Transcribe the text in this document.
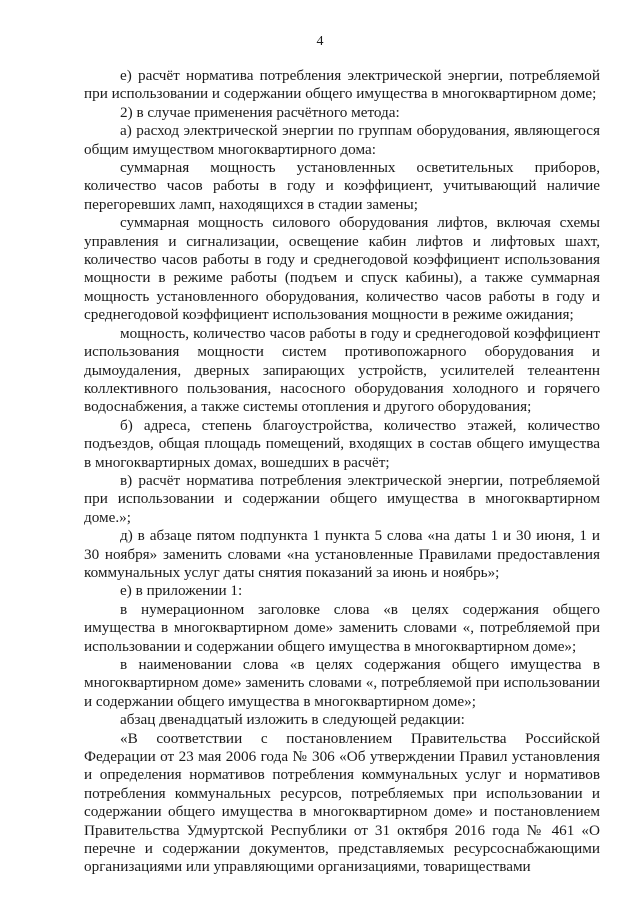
4

е) расчёт норматива потребления электрической энергии, потребляемой при использовании и содержании общего имущества в многоквартирном доме;

2) в случае применения расчётного метода:

а) расход электрической энергии по группам оборудования, являющегося общим имуществом многоквартирного дома:

суммарная мощность установленных осветительных приборов, количество часов работы в году и коэффициент, учитывающий наличие перегоревших ламп, находящихся в стадии замены;

суммарная мощность силового оборудования лифтов, включая схемы управления и сигнализации, освещение кабин лифтов и лифтовых шахт, количество часов работы в году и среднегодовой коэффициент использования мощности в режиме работы (подъем и спуск кабины), а также суммарная мощность установленного оборудования, количество часов работы в году и среднегодовой коэффициент использования мощности в режиме ожидания;

мощность, количество часов работы в году и среднегодовой коэффициент использования мощности систем противопожарного оборудования и дымоудаления, дверных запирающих устройств, усилителей телеантенн коллективного пользования, насосного оборудования холодного и горячего водоснабжения, а также системы отопления и другого оборудования;

б) адреса, степень благоустройства, количество этажей, количество подъездов, общая площадь помещений, входящих в состав общего имущества в многоквартирных домах, вошедших в расчёт;

в) расчёт норматива потребления электрической энергии, потребляемой при использовании и содержании общего имущества в многоквартирном доме.»;

д) в абзаце пятом подпункта 1 пункта 5 слова «на даты 1 и 30 июня, 1 и 30 ноября» заменить словами «на установленные Правилами предоставления коммунальных услуг даты снятия показаний за июнь и ноябрь»;

е) в приложении 1:

в нумерационном заголовке слова «в целях содержания общего имущества в многоквартирном доме» заменить словами «, потребляемой при использовании и содержании общего имущества в многоквартирном доме»;

в наименовании слова «в целях содержания общего имущества в многоквартирном доме» заменить словами «, потребляемой при использовании и содержании общего имущества в многоквартирном доме»;

абзац двенадцатый изложить в следующей редакции:

«В соответствии с постановлением Правительства Российской Федерации от 23 мая 2006 года № 306 «Об утверждении Правил установления и определения нормативов потребления коммунальных услуг и нормативов потребления коммунальных ресурсов, потребляемых при использовании и содержании общего имущества в многоквартирном доме» и постановлением Правительства Удмуртской Республики от 31 октября 2016 года № 461 «О перечне и содержании документов, представляемых ресурсоснабжающими организациями или управляющими организациями, товариществами
